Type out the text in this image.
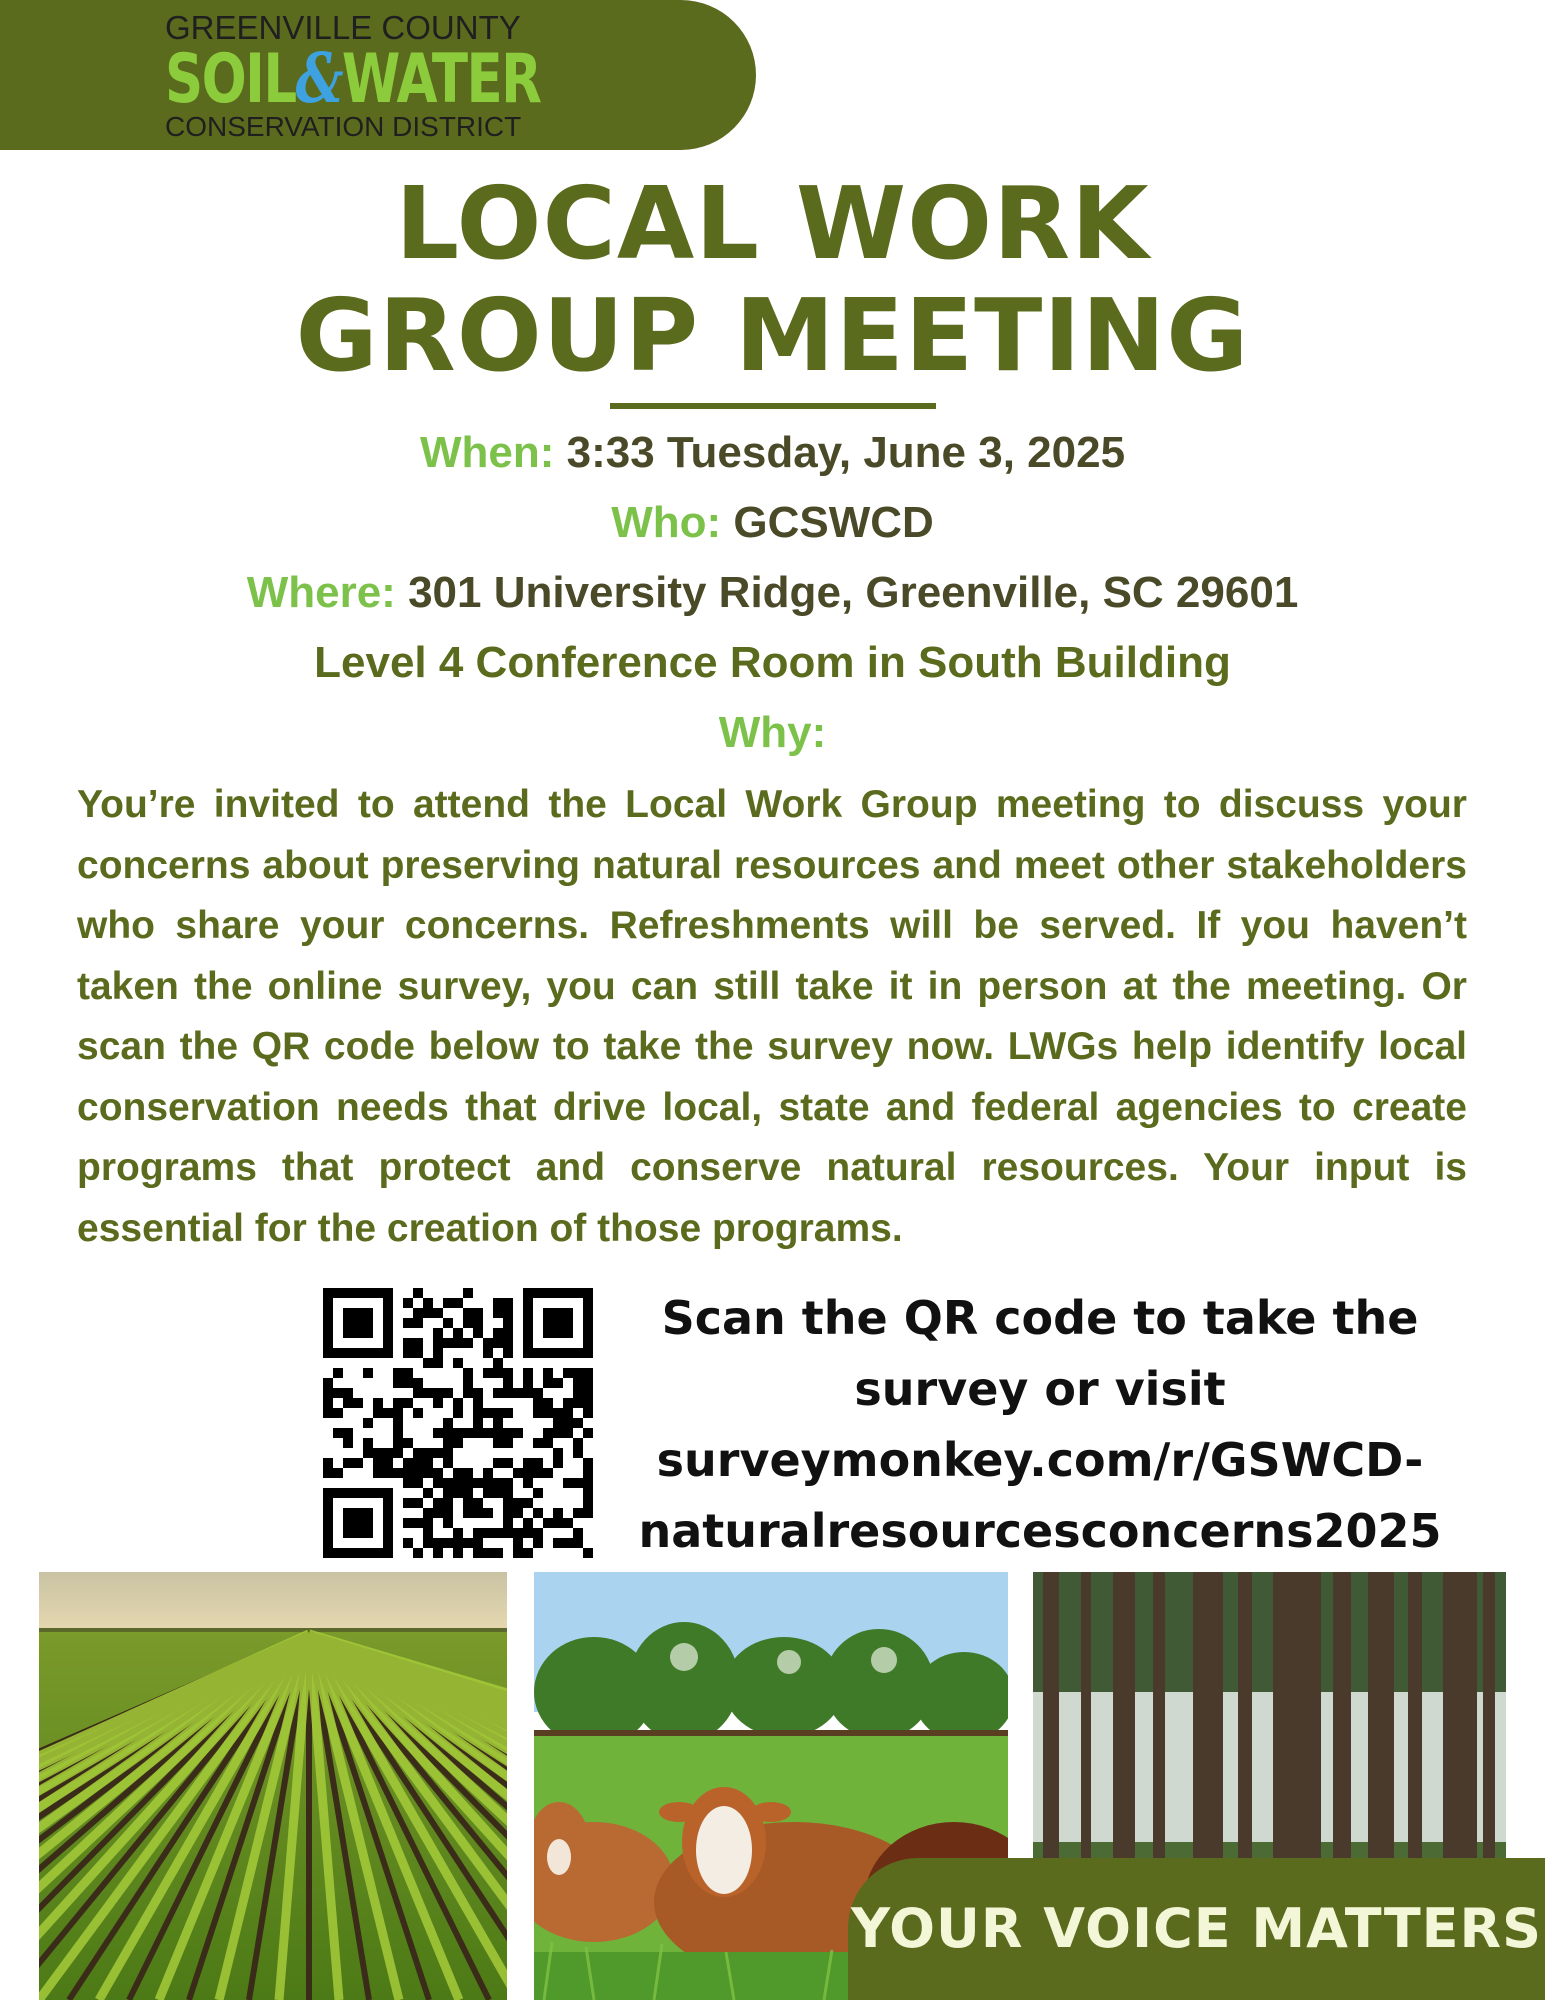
GREENVILLE COUNTY
SOIL&WATER
CONSERVATION DISTRICT
LOCAL WORK
GROUP MEETING
When: 3:33 Tuesday, June 3, 2025
Who: GCSWCD
Where: 301 University Ridge, Greenville, SC 29601
Level 4 Conference Room in South Building
Why:
You’re invited to attend the Local Work Group meeting to discuss your concerns about preserving natural resources and meet other stakeholders who share your concerns. Refreshments will be served. If you haven’t taken the online survey, you can still take it in person at the meeting. Or scan the QR code below to take the survey now. LWGs help identify local conservation needs that drive local, state and federal agencies to create programs that protect and conserve natural resources. Your input is essential for the creation of those programs.
Scan the QR code to take the
survey or visit
surveymonkey.com/r/GSWCD-
naturalresourcesconcerns2025
YOUR VOICE MATTERS
